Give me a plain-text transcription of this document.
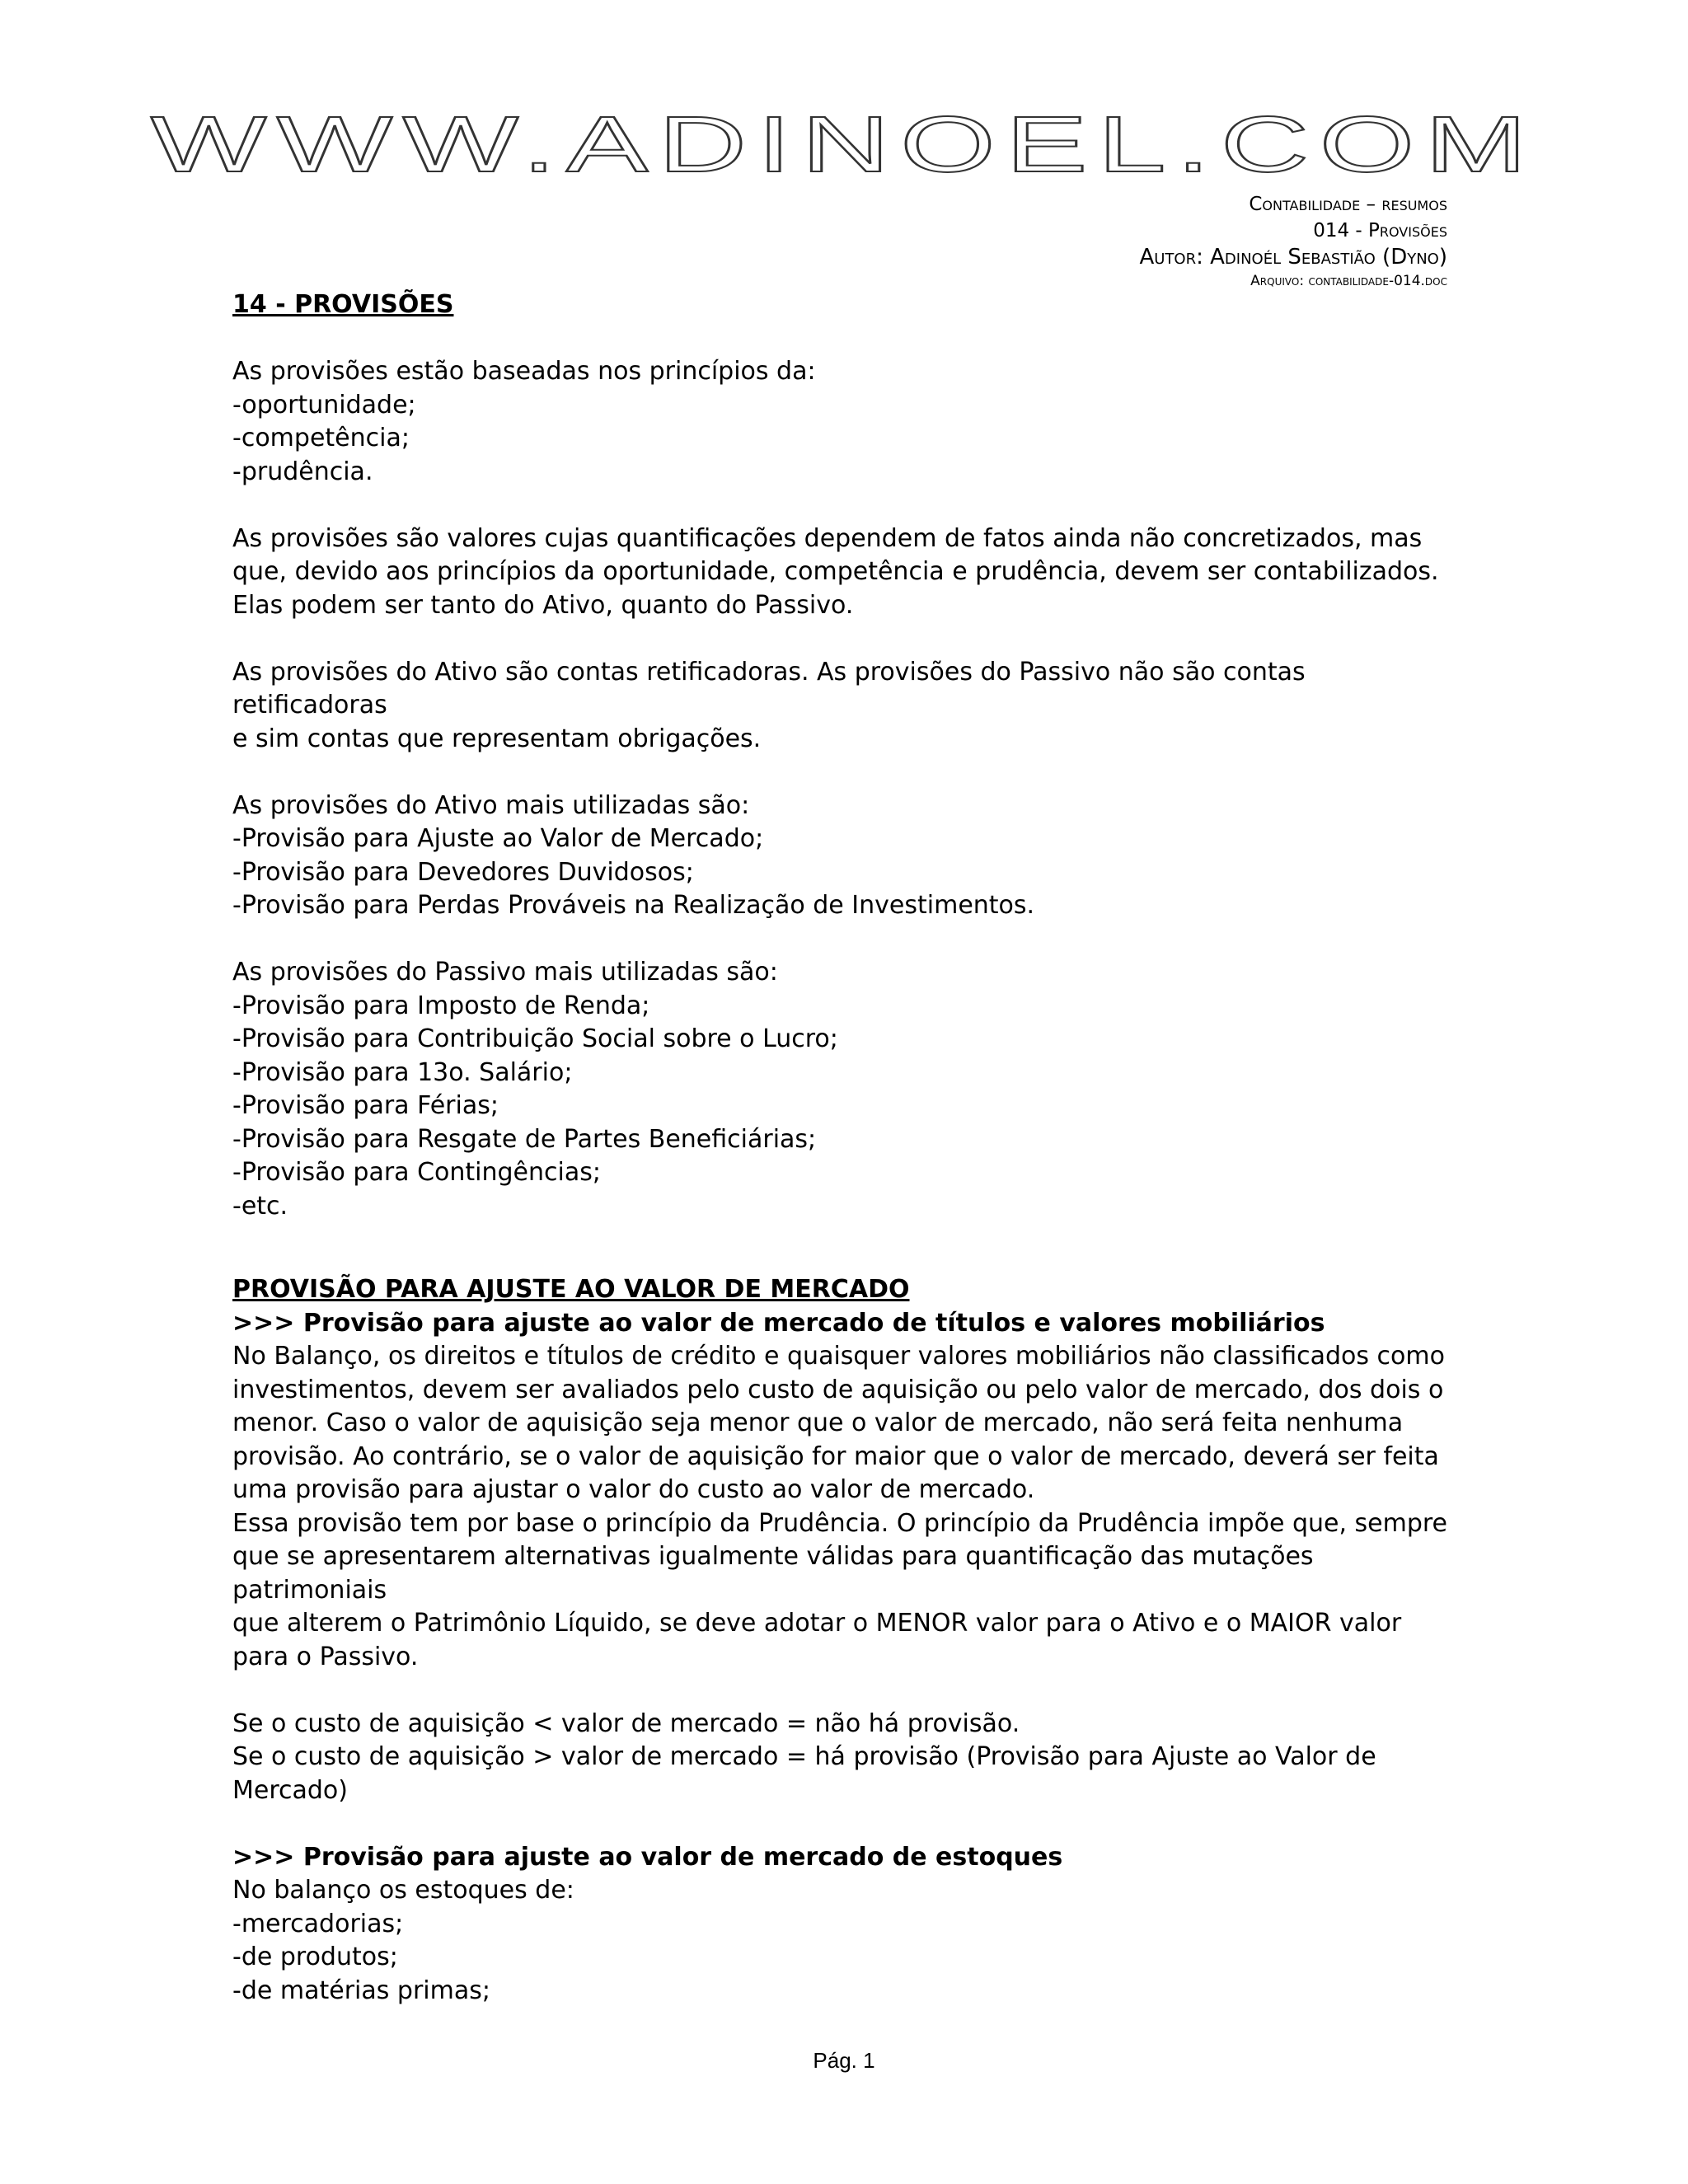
WWW.ADINOEL.COM
Contabilidade – resumos
014 - Provisões
Autor: Adinoél Sebastião (Dyno)
Arquivo: contabilidade-014.doc

14 - PROVISÕES

As provisões estão baseadas nos princípios da:

-oportunidade;

-competência;

-prudência.

As provisões são valores cujas quantificações dependem de fatos ainda não concretizados, mas

que, devido aos princípios da oportunidade, competência e prudência, devem ser contabilizados.

Elas podem ser tanto do Ativo, quanto do Passivo.

As provisões do Ativo são contas retificadoras. As provisões do Passivo não são contas retificadoras

e sim contas que representam obrigações.

As provisões do Ativo mais utilizadas são:

-Provisão para Ajuste ao Valor de Mercado;

-Provisão para Devedores Duvidosos;

-Provisão para Perdas Prováveis na Realização de Investimentos.

As provisões do Passivo mais utilizadas são:

-Provisão para Imposto de Renda;

-Provisão para Contribuição Social sobre o Lucro;

-Provisão para 13o. Salário;

-Provisão para Férias;

-Provisão para Resgate de Partes Beneficiárias;

-Provisão para Contingências;

-etc.

PROVISÃO PARA AJUSTE AO VALOR DE MERCADO

>>> Provisão para ajuste ao valor de mercado de títulos e valores mobiliários

No Balanço, os direitos e títulos de crédito e quaisquer valores mobiliários não classificados como

investimentos, devem ser avaliados pelo custo de aquisição ou pelo valor de mercado, dos dois o

menor. Caso o valor de aquisição seja menor que o valor de mercado, não será feita nenhuma

provisão. Ao contrário, se o valor de aquisição for maior que o valor de mercado, deverá ser feita

uma provisão para ajustar o valor do custo ao valor de mercado.

Essa provisão tem por base o princípio da Prudência. O princípio da Prudência impõe que, sempre

que se apresentarem alternativas igualmente válidas para quantificação das mutações patrimoniais

que alterem o Patrimônio Líquido, se deve adotar o MENOR valor para o Ativo e o MAIOR valor

para o Passivo.

Se o custo de aquisição < valor de mercado = não há provisão.

Se o custo de aquisição > valor de mercado = há provisão (Provisão para Ajuste ao Valor de

Mercado)

>>> Provisão para ajuste ao valor de mercado de estoques

No balanço os estoques de:

-mercadorias;

-de produtos;

-de matérias primas;

Pág. 1
